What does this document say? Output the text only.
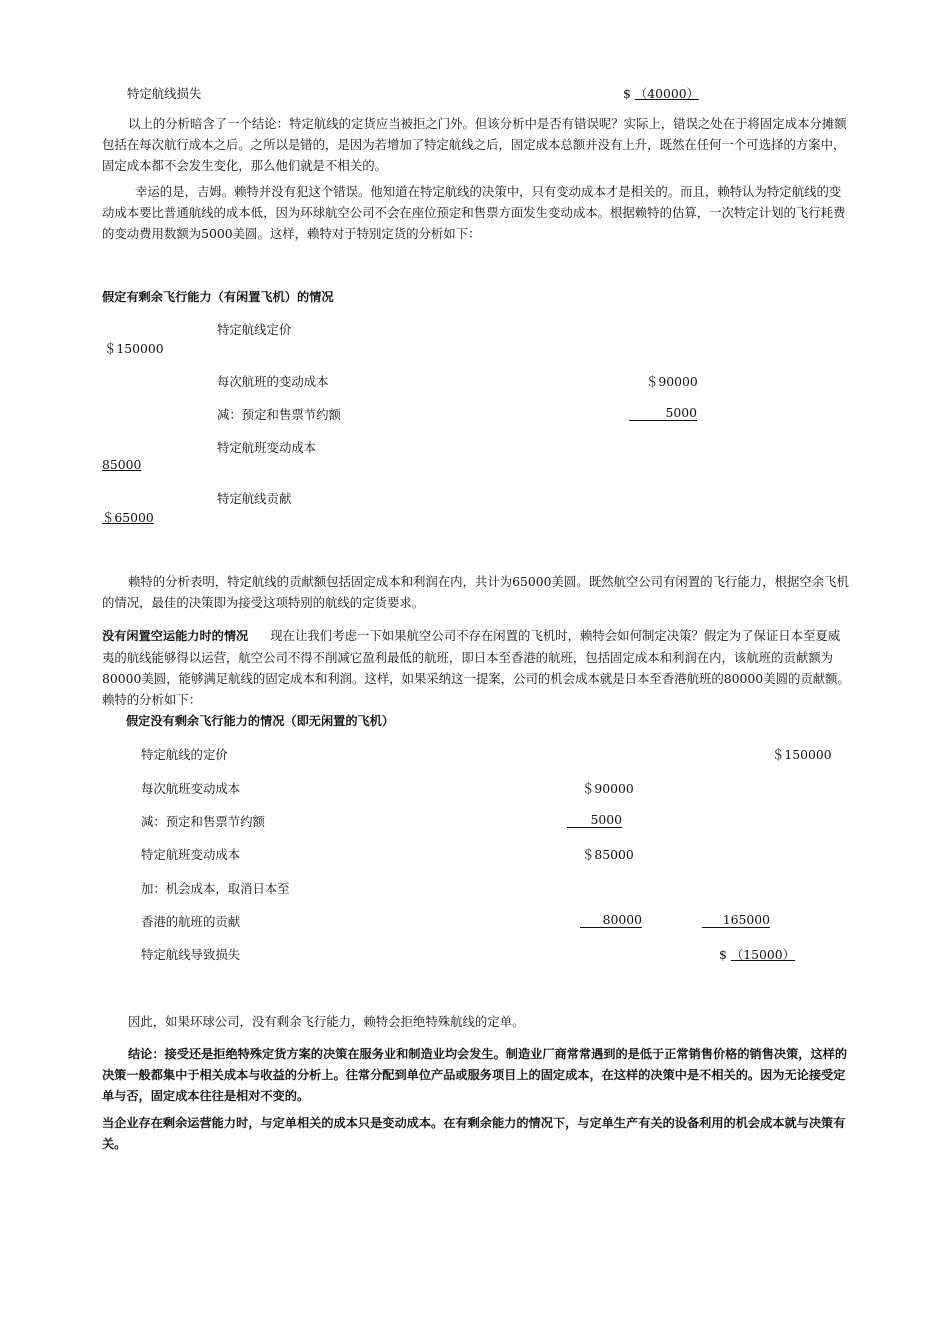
特定航线损失	$ （40000）
以上的分析暗含了一个结论：特定航线的定货应当被拒之门外。但该分析中是否有错误呢？实际上，错误之处在于将固定成本分摊额包括在每次航行成本之后。之所以是错的，是因为若增加了特定航线之后，固定成本总额并没有上升，既然在任何一个可选择的方案中，固定成本都不会发生变化，那么他们就是不相关的。
幸运的是，吉姆。赖特并没有犯这个错误。他知道在特定航线的决策中，只有变动成本才是相关的。而且，赖特认为特定航线的变动成本要比普通航线的成本低，因为环球航空公司不会在座位预定和售票方面发生变动成本。根据赖特的估算，一次特定计划的飞行耗费的变动费用数额为5000美圆。这样，赖特对于特别定货的分析如下：
假定有剩余飞行能力（有闲置飞机）的情况
特定航线定价
＄150000
每次航班的变动成本	＄90000
减：预定和售票节约额	5000
特定航班变动成本
85000
特定航线贡献
＄65000
赖特的分析表明，特定航线的贡献额包括固定成本和利润在内，共计为65000美圆。既然航空公司有闲置的飞行能力，根据空余飞机的情况，最佳的决策即为接受这项特别的航线的定货要求。
没有闲置空运能力时的情况 现在让我们考虑一下如果航空公司不存在闲置的飞机时，赖特会如何制定决策？假定为了保证日本至夏威夷的航线能够得以运营，航空公司不得不削减它盈利最低的航班，即日本至香港的航班，包括固定成本和利润在内，该航班的贡献额为80000美圆，能够满足航线的固定成本和利润。这样，如果采纳这一提案，公司的机会成本就是日本至香港航班的80000美圆的贡献额。赖特的分析如下：
假定没有剩余飞行能力的情况（即无闲置的飞机）
特定航线的定价	＄150000
每次航班变动成本	＄90000
减：预定和售票节约额	5000
特定航班变动成本	＄85000
加：机会成本，取消日本至
香港的航班的贡献	80000	165000
特定航线导致损失	$ （15000）
因此，如果环球公司，没有剩余飞行能力，赖特会拒绝特殊航线的定单。
结论：接受还是拒绝特殊定货方案的决策在服务业和制造业均会发生。制造业厂商常常遇到的是低于正常销售价格的销售决策，这样的决策一般都集中于相关成本与收益的分析上。往常分配到单位产品或服务项目上的固定成本，在这样的决策中是不相关的。因为无论接受定单与否，固定成本往往是相对不变的。
当企业存在剩余运营能力时，与定单相关的成本只是变动成本。在有剩余能力的情况下，与定单生产有关的设备利用的机会成本就与决策有关。
